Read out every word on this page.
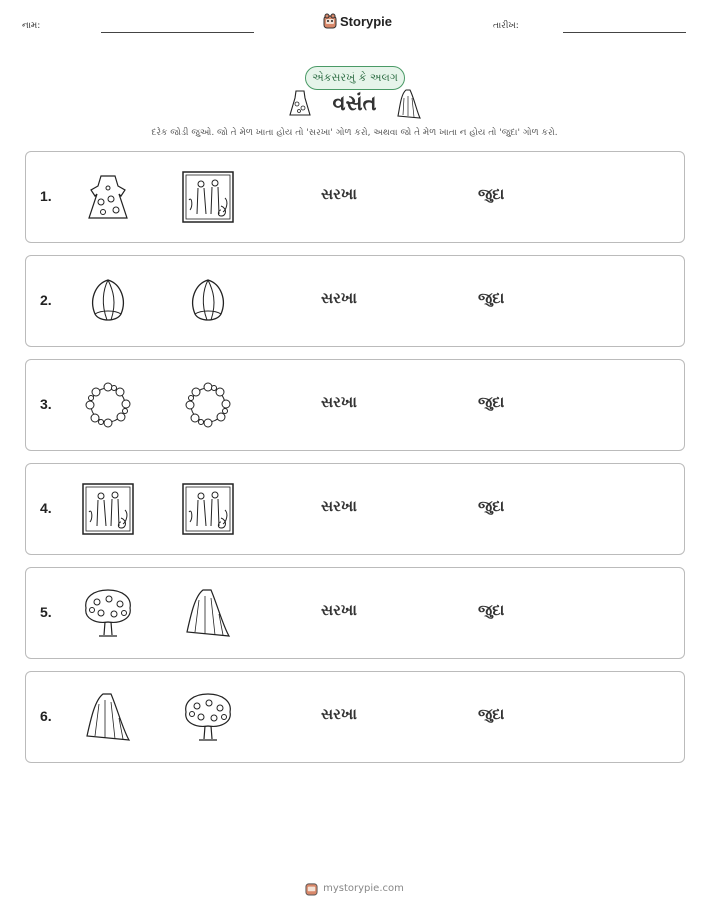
નામ:	Storypie	તારીખ:
એકસરખું કે અલગ
વસંત
દરેક જોડી જુઓ. જો તે મેળ ખાતા હોય તો 'સરખા' ગોળ કરો, અથવા જો તે મેળ ખાતા ન હોય તો 'જુદા' ગોળ કરો.
1.	સરખા	જુદા
2.	સરખા	જુદા
3.	સરખા	જુદા
4.	સરખા	જુદા
5.	સરખા	જુદા
6.	સરખા	જુદા
mystorypie.com
